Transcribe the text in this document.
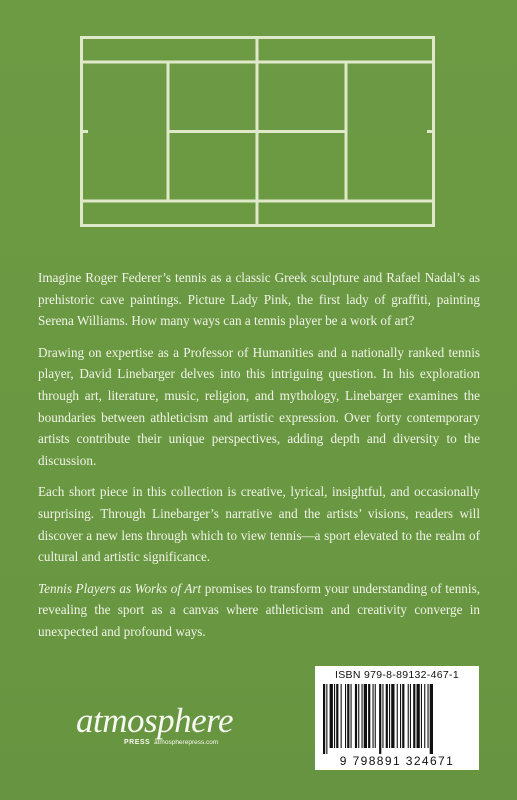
Imagine Roger Federer’s tennis as a classic Greek sculpture and Rafael Nadal’s as prehistoric cave paintings. Picture Lady Pink, the first lady of graffiti, painting Serena Williams. How many ways can a tennis player be a work of art?

Drawing on expertise as a Professor of Humanities and a nationally ranked tennis player, David Linebarger delves into this intriguing question. In his exploration through art, literature, music, religion, and mythology, Linebarger examines the boundaries between athleticism and artistic expression. Over forty contemporary artists contribute their unique perspectives, adding depth and diversity to the discussion.

Each short piece in this collection is creative, lyrical, insightful, and occasionally surprising. Through Linebarger’s narrative and the artists’ visions, readers will discover a new lens through which to view tennis—a sport elevated to the realm of cultural and artistic significance.

Tennis Players as Works of Art promises to transform your understanding of tennis, revealing the sport as a canvas where athleticism and creativity converge in unexpected and profound ways.

atmosphere
PRESS atmospherepress.com
ISBN 979-8-89132-467-1
9 798891 324671
